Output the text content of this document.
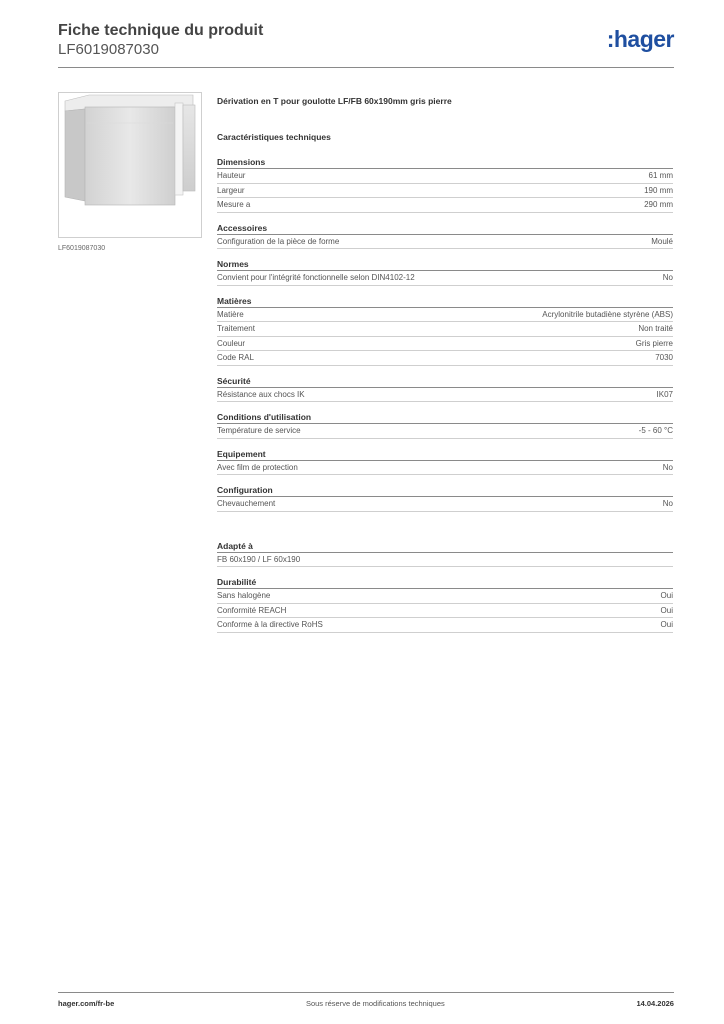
Fiche technique du produit
LF6019087030	:hager
LF6019087030
Dérivation en T pour goulotte LF/FB 60x190mm gris pierre
Caractéristiques techniques
Dimensions
Hauteur	61 mm
Largeur	190 mm
Mesure a	290 mm
Accessoires
Configuration de la pièce de forme	Moulé
Normes
Convient pour l'intégrité fonctionnelle selon DIN4102-12	No
Matières
Matière	Acrylonitrile butadiène styrène (ABS)
Traitement	Non traité
Couleur	Gris pierre
Code RAL	7030
Sécurité
Résistance aux chocs IK	IK07
Conditions d'utilisation
Température de service	-5 - 60 °C
Equipement
Avec film de protection	No
Configuration
Chevauchement	No
Adapté à
FB 60x190 / LF 60x190
Durabilité
Sans halogène	Oui
Conformité REACH	Oui
Conforme à la directive RoHS	Oui
hager.com/fr-be	Sous réserve de modifications techniques	14.04.2026
